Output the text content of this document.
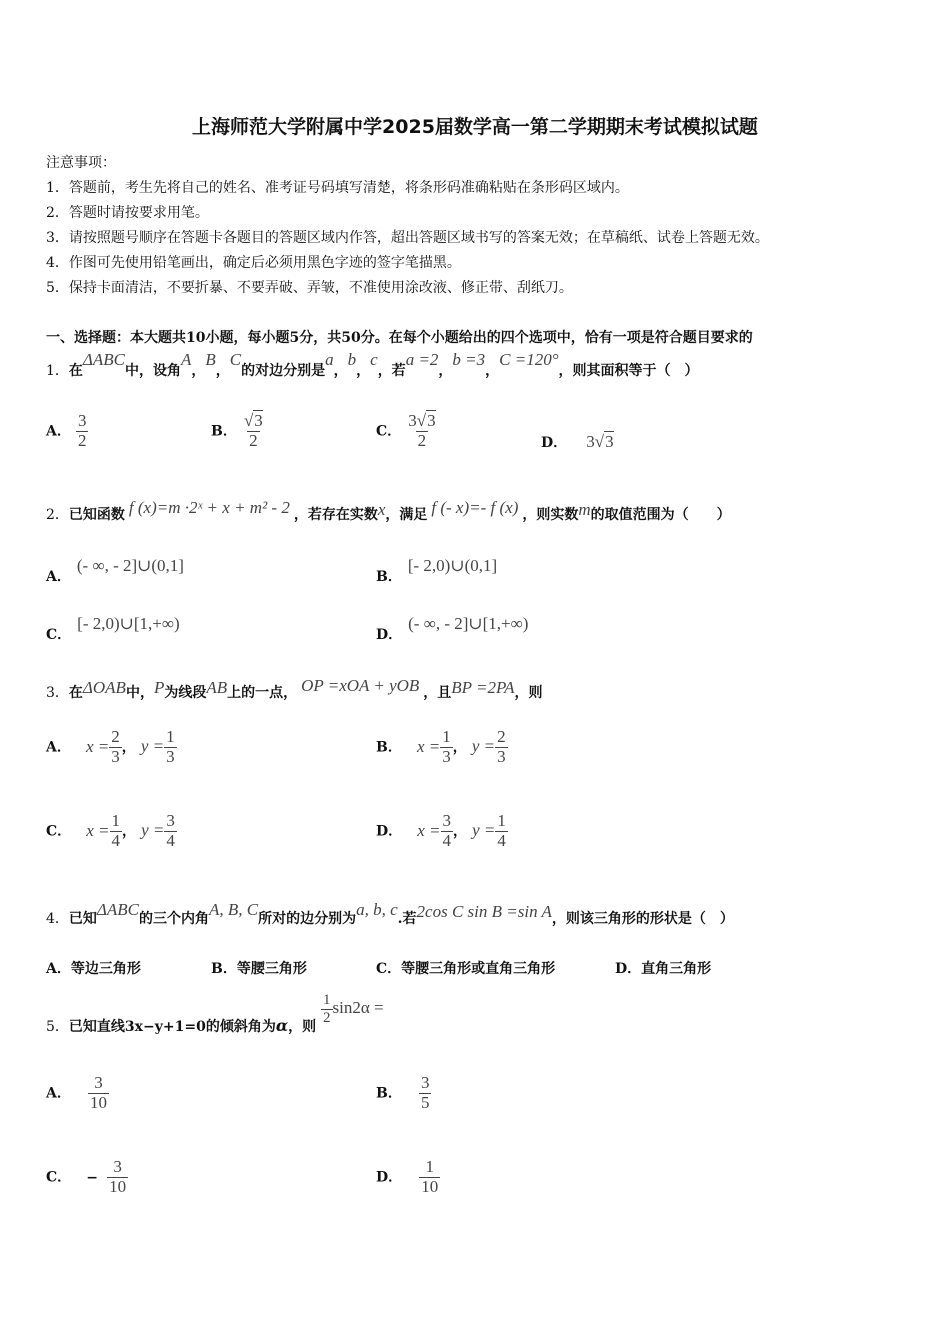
上海师范大学附属中学2025届数学高一第二学期期末考试模拟试题
注意事项：
1．答题前，考生先将自己的姓名、准考证号码填写清楚，将条形码准确粘贴在条形码区域内。
2．答题时请按要求用笔。
3．请按照题号顺序在答题卡各题目的答题区域内作答，超出答题区域书写的答案无效；在草稿纸、试卷上答题无效。
4．作图可先使用铅笔画出，确定后必须用黑色字迹的签字笔描黑。
5．保持卡面清洁，不要折暴、不要弄破、弄皱，不准使用涂改液、修正带、刮纸刀。
一、选择题：本大题共10小题，每小题5分，共50分。在每个小题给出的四个选项中，恰有一项是符合题目要求的
1．在ΔABC中，设角A，B，C的对边分别是a，b，c，若a =2，b =3，C =120°，则其面积等于（　）
A． $\frac{3}{2}$	B． $\frac{√3}{2}$	C． $\frac{3√3}{2}$	D． 3√3
2．已知函数 f (x)=m ·2ˣ + x + m² - 2 ，若存在实数x，满足 f (- x)=- f (x) ，则实数m的取值范围为（　　）
A．(- ∞, - 2]∪(0,1]
B．[- 2,0)∪(0,1]
C．[- 2,0)∪[1,+∞)
D．(- ∞, - 2]∪[1,+∞)
3．在ΔOAB中，P为线段AB上的一点， OP =xOA + yOB ，且BP =2PA，则
A． $x = \frac{2}{3}$ ， $y = \frac{1}{3}$	B． $x = \frac{1}{3}$ ， $y = \frac{2}{3}$
C． $x = \frac{1}{4}$ ， $y = \frac{3}{4}$	D． $x = \frac{3}{4}$ ， $y = \frac{1}{4}$
4．已知ΔABC的三个内角A, B, C所对的边分别为a, b, c.若2cos C sin B =sin A，则该三角形的形状是（　）
A．等边三角形	B．等腰三角形	C．等腰三角形或直角三角形	D．直角三角形
5．已知直线3x−y+1=0的倾斜角为α，则
$\frac{1}{2} \sin 2\alpha$ =
A． $\frac{3}{10}$	B． $\frac{3}{5}$
C． − $\frac{3}{10}$	D． $\frac{1}{10}$
